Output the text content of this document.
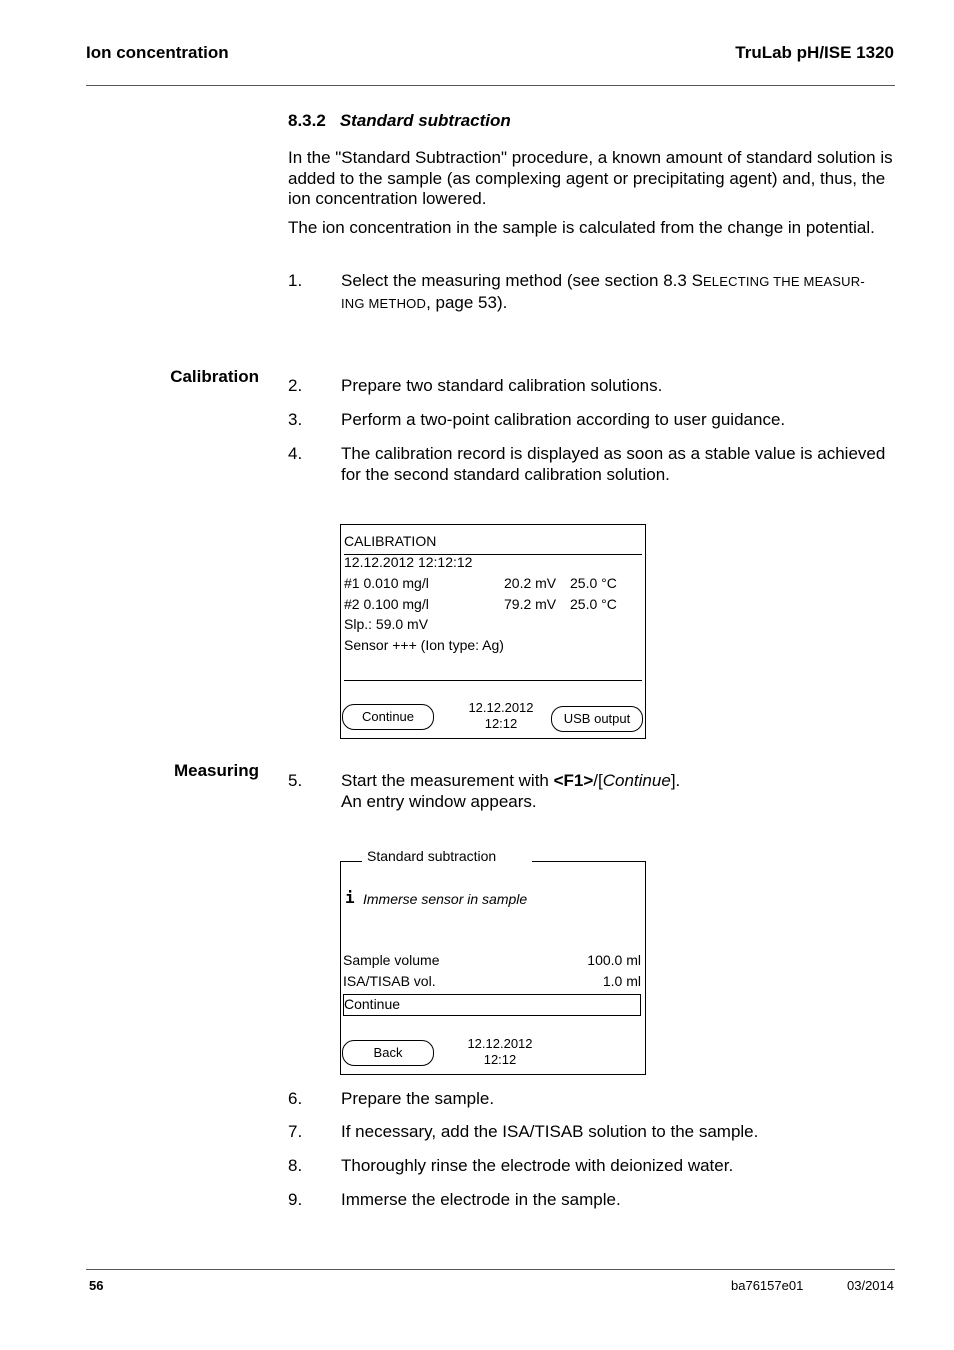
Ion concentration	TruLab pH/ISE 1320
8.3.2 Standard subtraction
In the "Standard Subtraction" procedure, a known amount of standard solution is added to the sample (as complexing agent or precipitating agent) and, thus, the ion concentration lowered.
The ion concentration in the sample is calculated from the change in potential.
1. Select the measuring method (see section 8.3 SELECTING THE MEASUR-
ING METHOD, page 53).
Calibration 2. Prepare two standard calibration solutions.
3. Perform a two-point calibration according to user guidance.
4. The calibration record is displayed as soon as a stable value is achieved for the second standard calibration solution.
CALIBRATION
12.12.2012 12:12:12
#1 0.010 mg/l	20.2 mV 25.0 °C
#2 0.100 mg/l	79.2 mV 25.0 °C
Slp.: 59.0 mV
Sensor +++ (Ion type: Ag)
Continue
12.12.2012
12:12	USB output
Measuring
5. Start the measurement with <F1>/[Continue].
An entry window appears.
Standard subtraction
i Immerse sensor in sample
Sample volume	100.0 ml
ISA/TISAB vol.	1.0 ml
Continue
Back
12.12.2012
12:12
6. Prepare the sample.
7. If necessary, add the ISA/TISAB solution to the sample.
8. Thoroughly rinse the electrode with deionized water.
9. Immerse the electrode in the sample.
56	ba76157e01	03/2014
